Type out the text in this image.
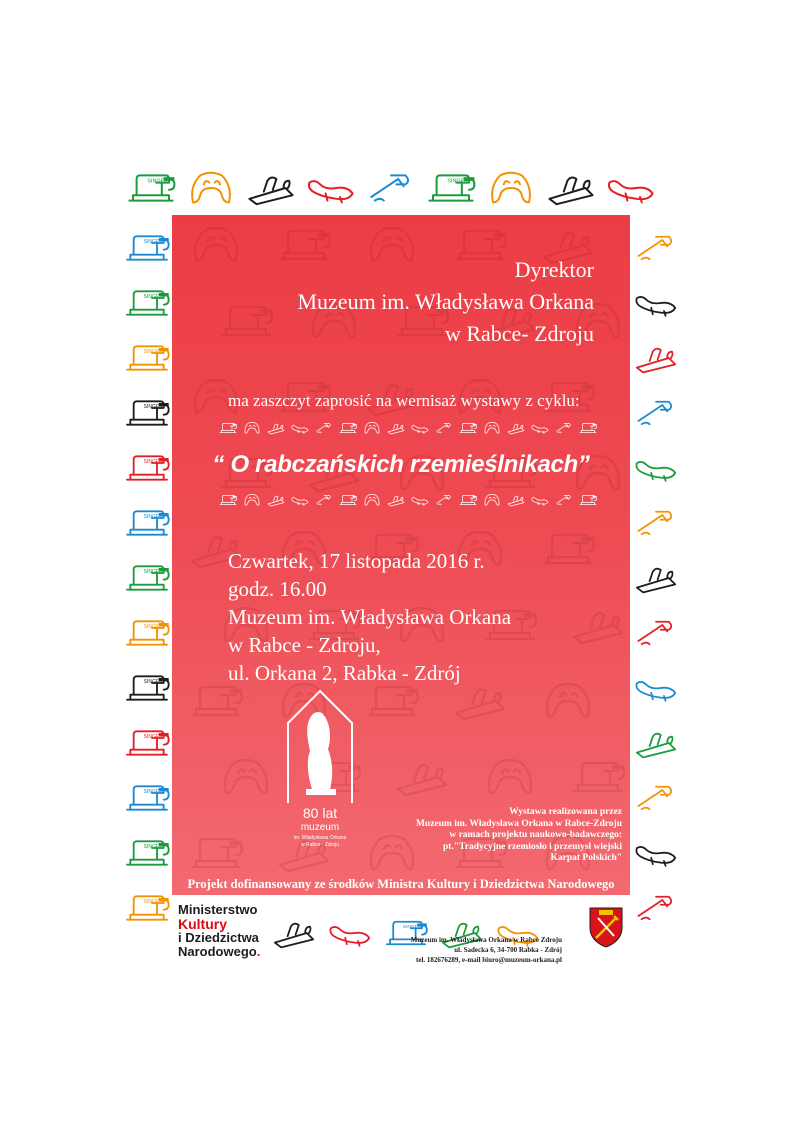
SINGER	SINGER
SINGER
SINGER
SINGER
SINGER
SINGER
SINGER
SINGER
SINGER
SINGER
SINGER
SINGER
SINGER
SINGER
SINGER
Dyrektor
Muzeum im. Władysława Orkana
w Rabce- Zdroju
ma zaszczyt zaprosić na wernisaż wystawy z cyklu:
“ O rabczańskich rzemieślnikach”
Czwartek, 17 listopada 2016 r.
godz. 16.00
Muzeum im. Władysława Orkana
w Rabce - Zdroju,
ul. Orkana 2, Rabka - Zdrój
80 lat
muzeum
im. Władysława Orkana
w Rabce - Zdroju
Wystawa realizowana przez
Muzeum im. Władysława Orkana w Rabce-Zdroju
w ramach projektu naukowo-badawczego:
pt."Tradycyjne rzemiosło i przemysł wiejski
Karpat Polskich"
Projekt dofinansowany ze środków Ministra Kultury i Dziedzictwa Narodowego
Ministerstwo
Kultury
i Dziedzictwa
Narodowego.
Muzeum im. Władysława Orkana w Rabce Zdroju
ul. Sadecka 6, 34-700 Rabka - Zdrój
tel. 182676289, e-mail biuro@muzeum-orkana.pl
